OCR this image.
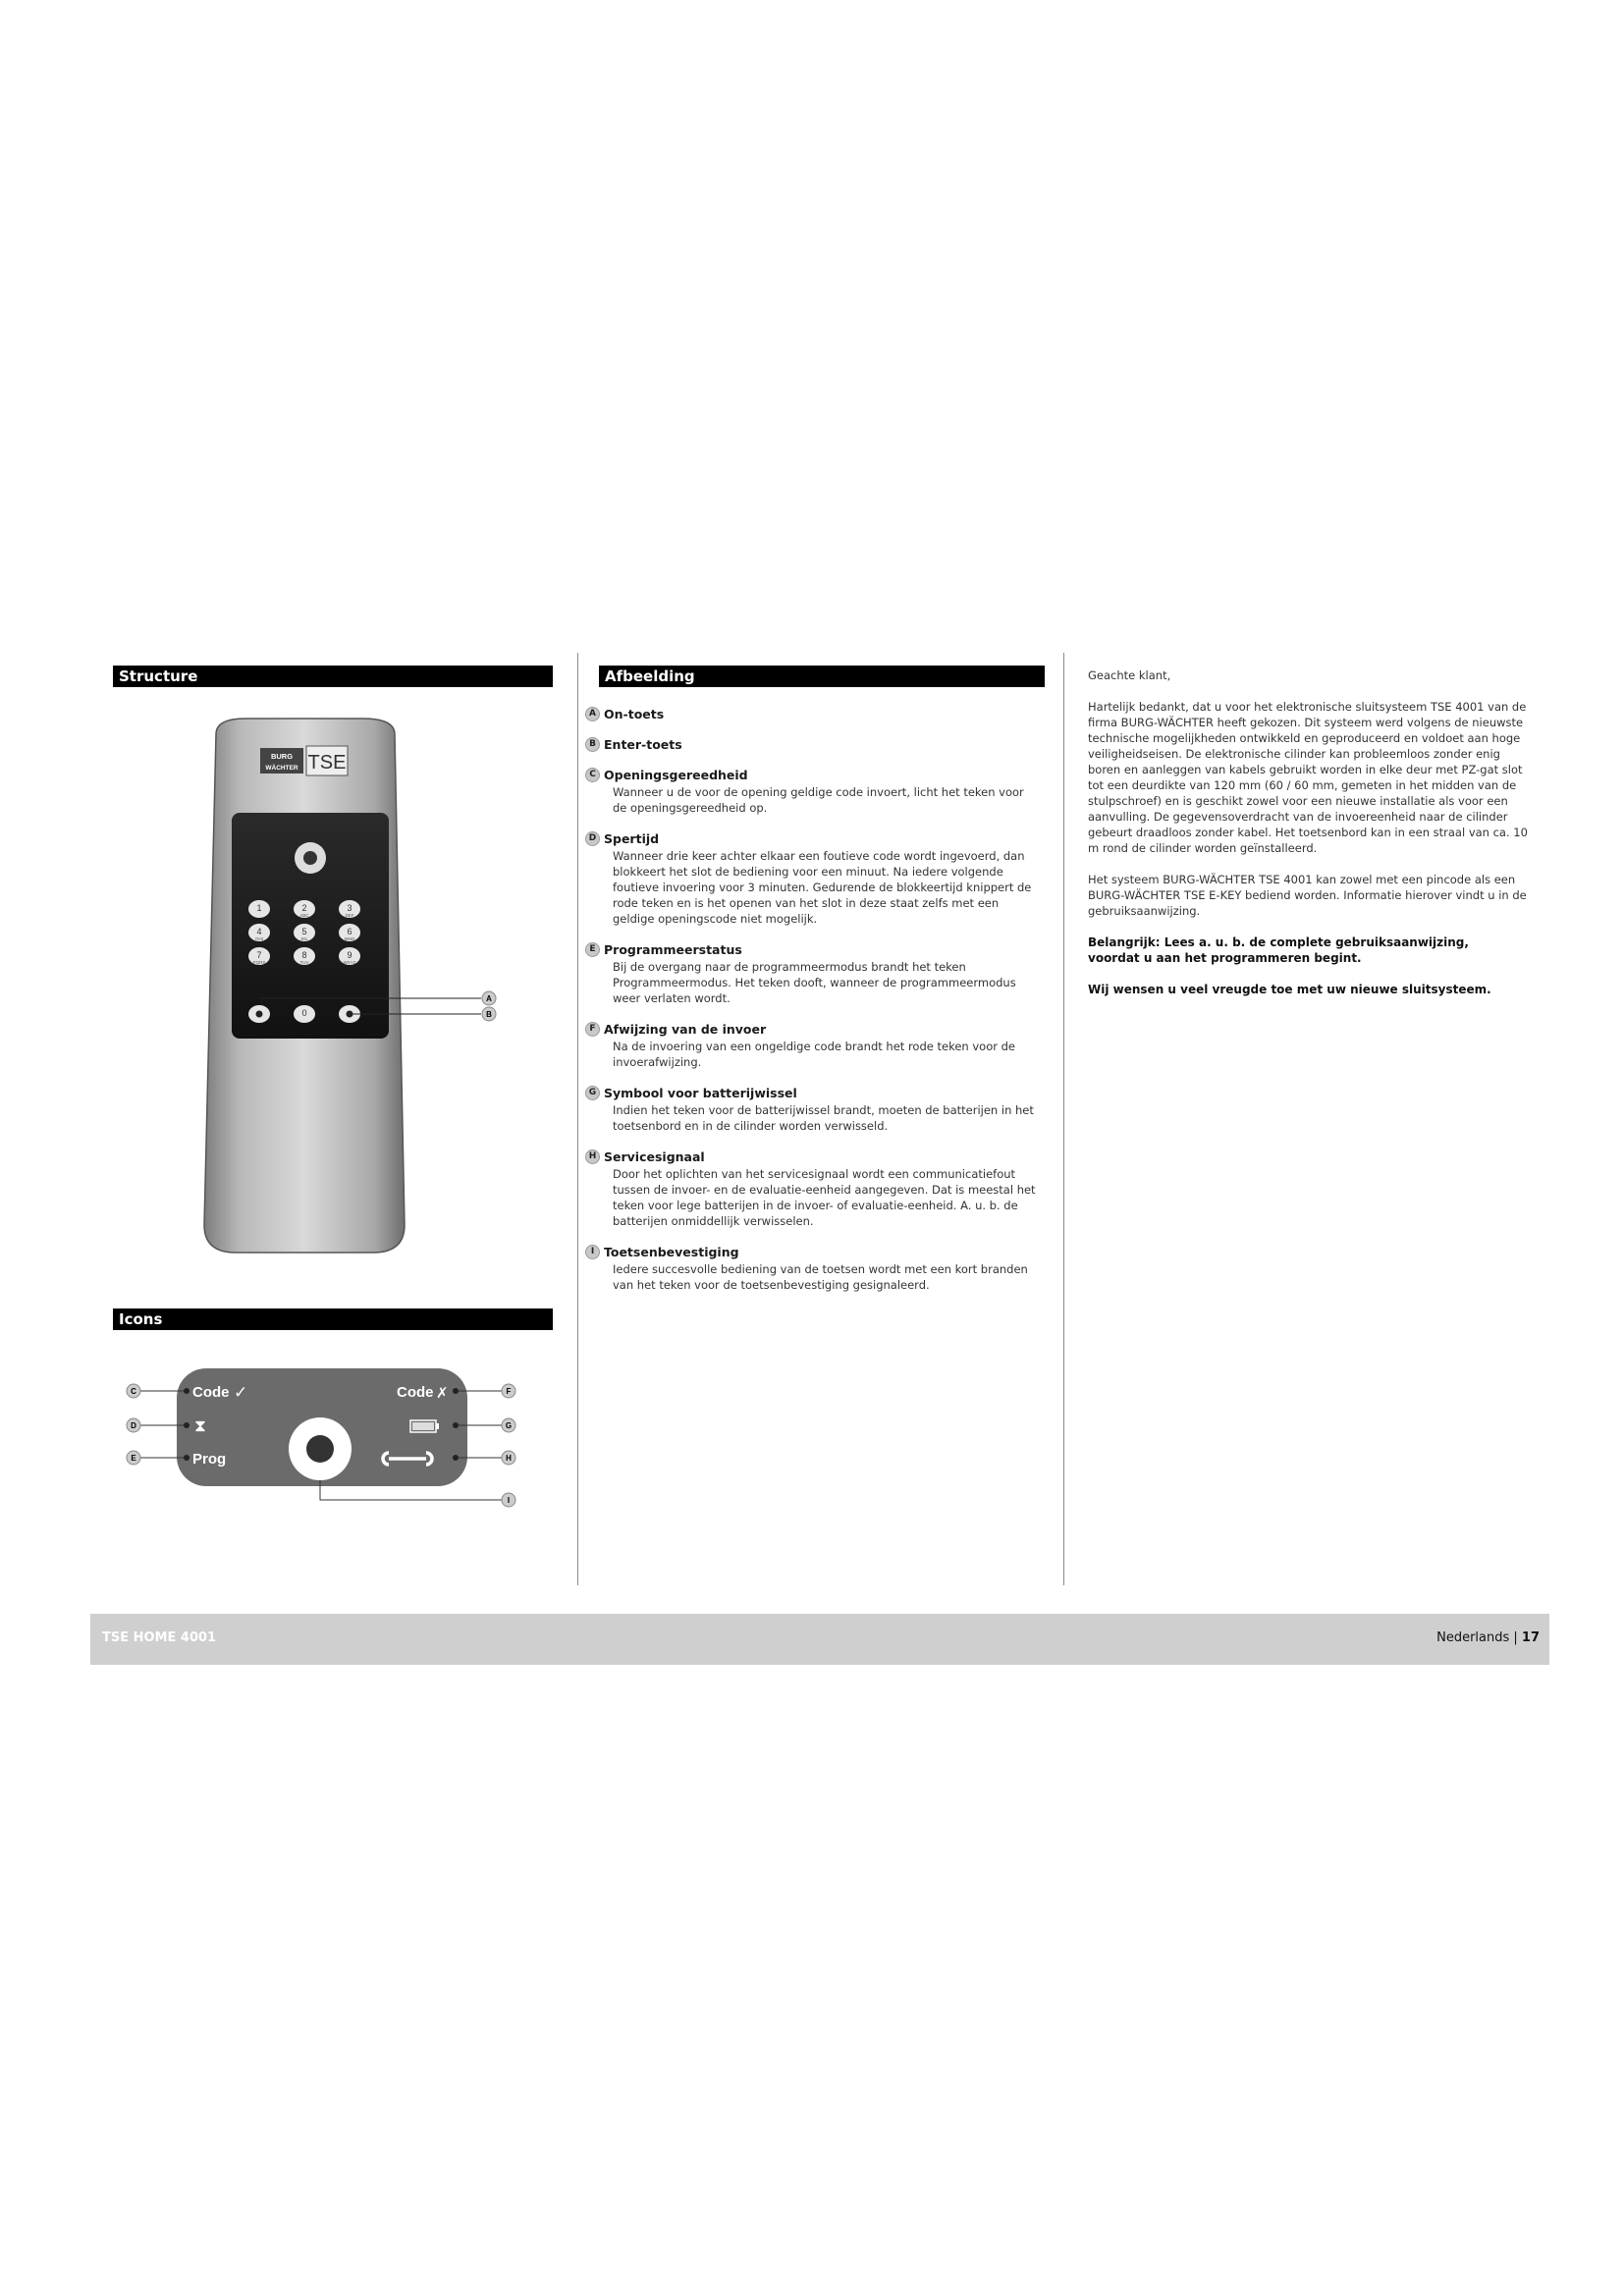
Structure
BURG
WÄCHTER TSE
1	2
ABC
3
DEF
4
GHI
5
JKL
6
MNO
7
PQRS
8
TUV
9
WXYZ
0
A
B
Icons
Code ✓
⧗
Prog
Code ✗
C
D
E
F
G
H
I
Afbeelding
A On-toets
B Enter-toets
C Openingsgereedheid
Wanneer u de voor de opening geldige code invoert, licht het teken voor de openingsgereedheid op.
D Spertijd
Wanneer drie keer achter elkaar een foutieve code wordt ingevoerd, dan blokkeert het slot de bediening voor een minuut. Na iedere volgende foutieve invoering voor 3 minuten. Gedurende de blokkeertijd knippert de rode teken en is het openen van het slot in deze staat zelfs met een geldige openingscode niet mogelijk.
E Programmeerstatus
Bij de overgang naar de programmeermodus brandt het teken Programmeermodus. Het teken dooft, wanneer de programmeermodus weer verlaten wordt.
F Afwijzing van de invoer
Na de invoering van een ongeldige code brandt het rode teken voor de invoerafwijzing.
G Symbool voor batterijwissel
Indien het teken voor de batterijwissel brandt, moeten de batterijen in het toetsenbord en in de cilinder worden verwisseld.
H Servicesignaal
Door het oplichten van het servicesignaal wordt een communicatiefout tussen de invoer- en de evaluatie-eenheid aangegeven. Dat is meestal het teken voor lege batterijen in de invoer- of evaluatie-eenheid. A. u. b. de batterijen onmiddellijk verwisselen.
I Toetsenbevestiging
Iedere succesvolle bediening van de toetsen wordt met een kort branden van het teken voor de toetsenbevestiging gesignaleerd.

Geachte klant,

Hartelijk bedankt, dat u voor het elektronische sluitsysteem TSE 4001 van de firma BURG-WÄCHTER heeft gekozen. Dit systeem werd volgens de nieuwste technische mogelijkheden ontwikkeld en geproduceerd en voldoet aan hoge veiligheidseisen. De elektronische cilinder kan probleemloos zonder enig boren en aanleggen van kabels gebruikt worden in elke deur met PZ-gat slot tot een deurdikte van 120 mm (60 / 60 mm, gemeten in het midden van de stulpschroef) en is geschikt zowel voor een nieuwe installatie als voor een aanvulling. De gegevensoverdracht van de invoereenheid naar de cilinder gebeurt draadloos zonder kabel. Het toetsenbord kan in een straal van ca. 10 m rond de cilinder worden geïnstalleerd.

Het systeem BURG-WÄCHTER TSE 4001 kan zowel met een pincode als een BURG-WÄCHTER TSE E-KEY bediend worden. Informatie hierover vindt u in de gebruiksaanwijzing.

Belangrijk: Lees a. u. b. de complete gebruiksaanwijzing,
voordat u aan het programmeren begint.

Wij wensen u veel vreugde toe met uw nieuwe sluitsysteem.

TSE HOME 4001	Nederlands | 17
